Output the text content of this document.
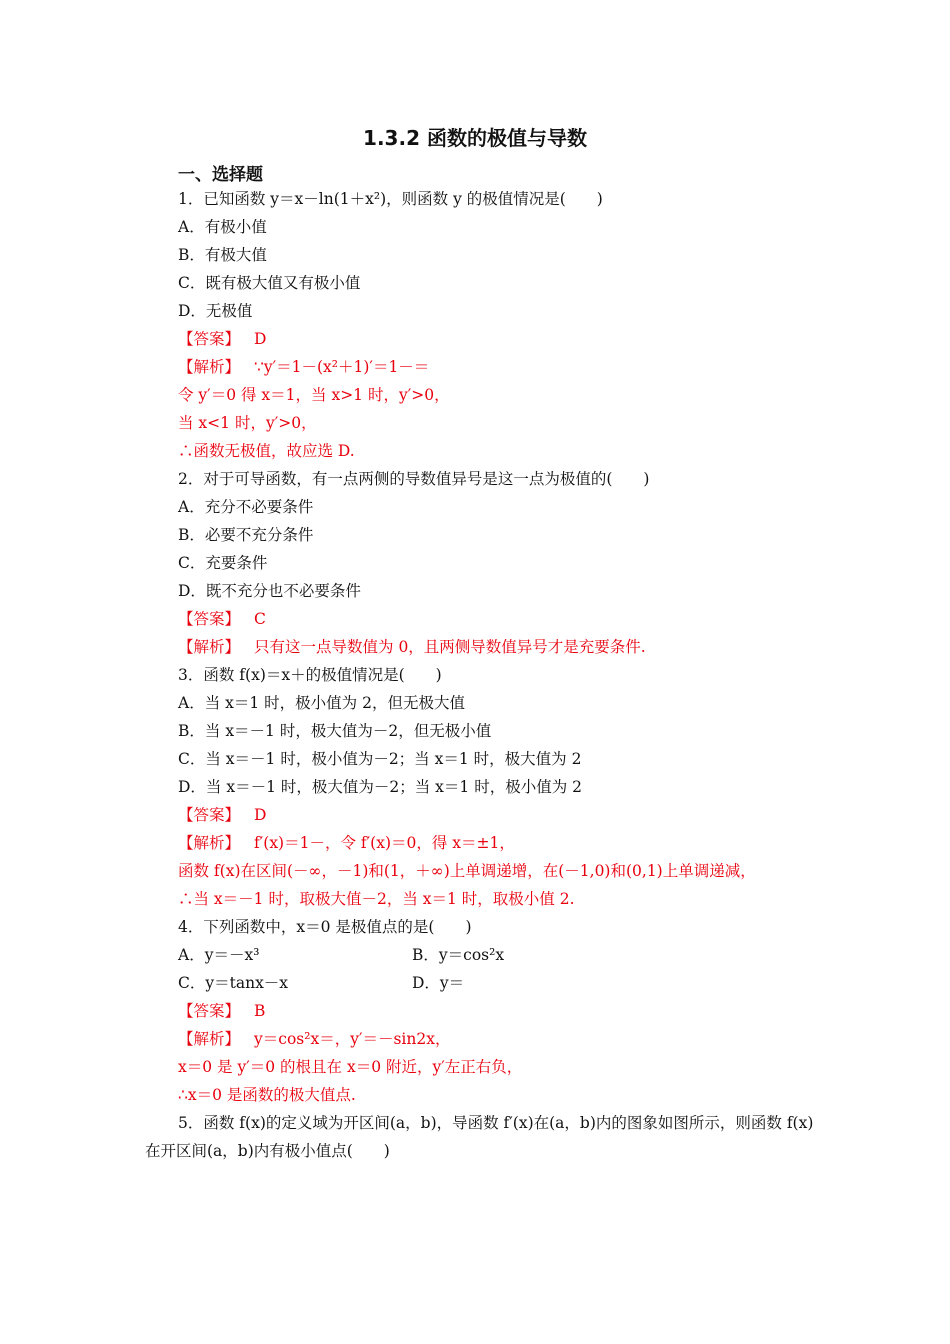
1.3.2 函数的极值与导数
一、选择题
1．已知函数 y＝x－ln(1＋x²)，则函数 y 的极值情况是(　　)
A．有极小值
B．有极大值
C．既有极大值又有极小值
D．无极值
【答案】 D
【解析】 ∵y′＝1－(x²＋1)′＝1－＝
令 y′＝0 得 x＝1，当 x>1 时，y′>0，
当 x<1 时，y′>0，
∴函数无极值，故应选 D.
2．对于可导函数，有一点两侧的导数值异号是这一点为极值的(　　)
A．充分不必要条件
B．必要不充分条件
C．充要条件
D．既不充分也不必要条件
【答案】 C
【解析】 只有这一点导数值为 0，且两侧导数值异号才是充要条件.
3．函数 f(x)＝x＋的极值情况是(　　)
A．当 x＝1 时，极小值为 2，但无极大值
B．当 x＝－1 时，极大值为－2，但无极小值
C．当 x＝－1 时，极小值为－2；当 x＝1 时，极大值为 2
D．当 x＝－1 时，极大值为－2；当 x＝1 时，极小值为 2
【答案】 D
【解析】 f′(x)＝1－，令 f′(x)＝0，得 x＝±1，
函数 f(x)在区间(－∞，－1)和(1，＋∞)上单调递增，在(－1,0)和(0,1)上单调递减，
∴当 x＝－1 时，取极大值－2，当 x＝1 时，取极小值 2.
4．下列函数中，x＝0 是极值点的是(　　)
A．y＝－x³	B．y＝cos²x
C．y＝tanx－x	D．y＝
【答案】 B
【解析】 y＝cos²x＝，y′＝－sin2x，
x＝0 是 y′＝0 的根且在 x＝0 附近，y′左正右负，
∴x＝0 是函数的极大值点.
5．函数 f(x)的定义域为开区间(a，b)，导函数 f′(x)在(a，b)内的图象如图所示，则函数 f(x)
在开区间(a，b)内有极小值点(　　)
